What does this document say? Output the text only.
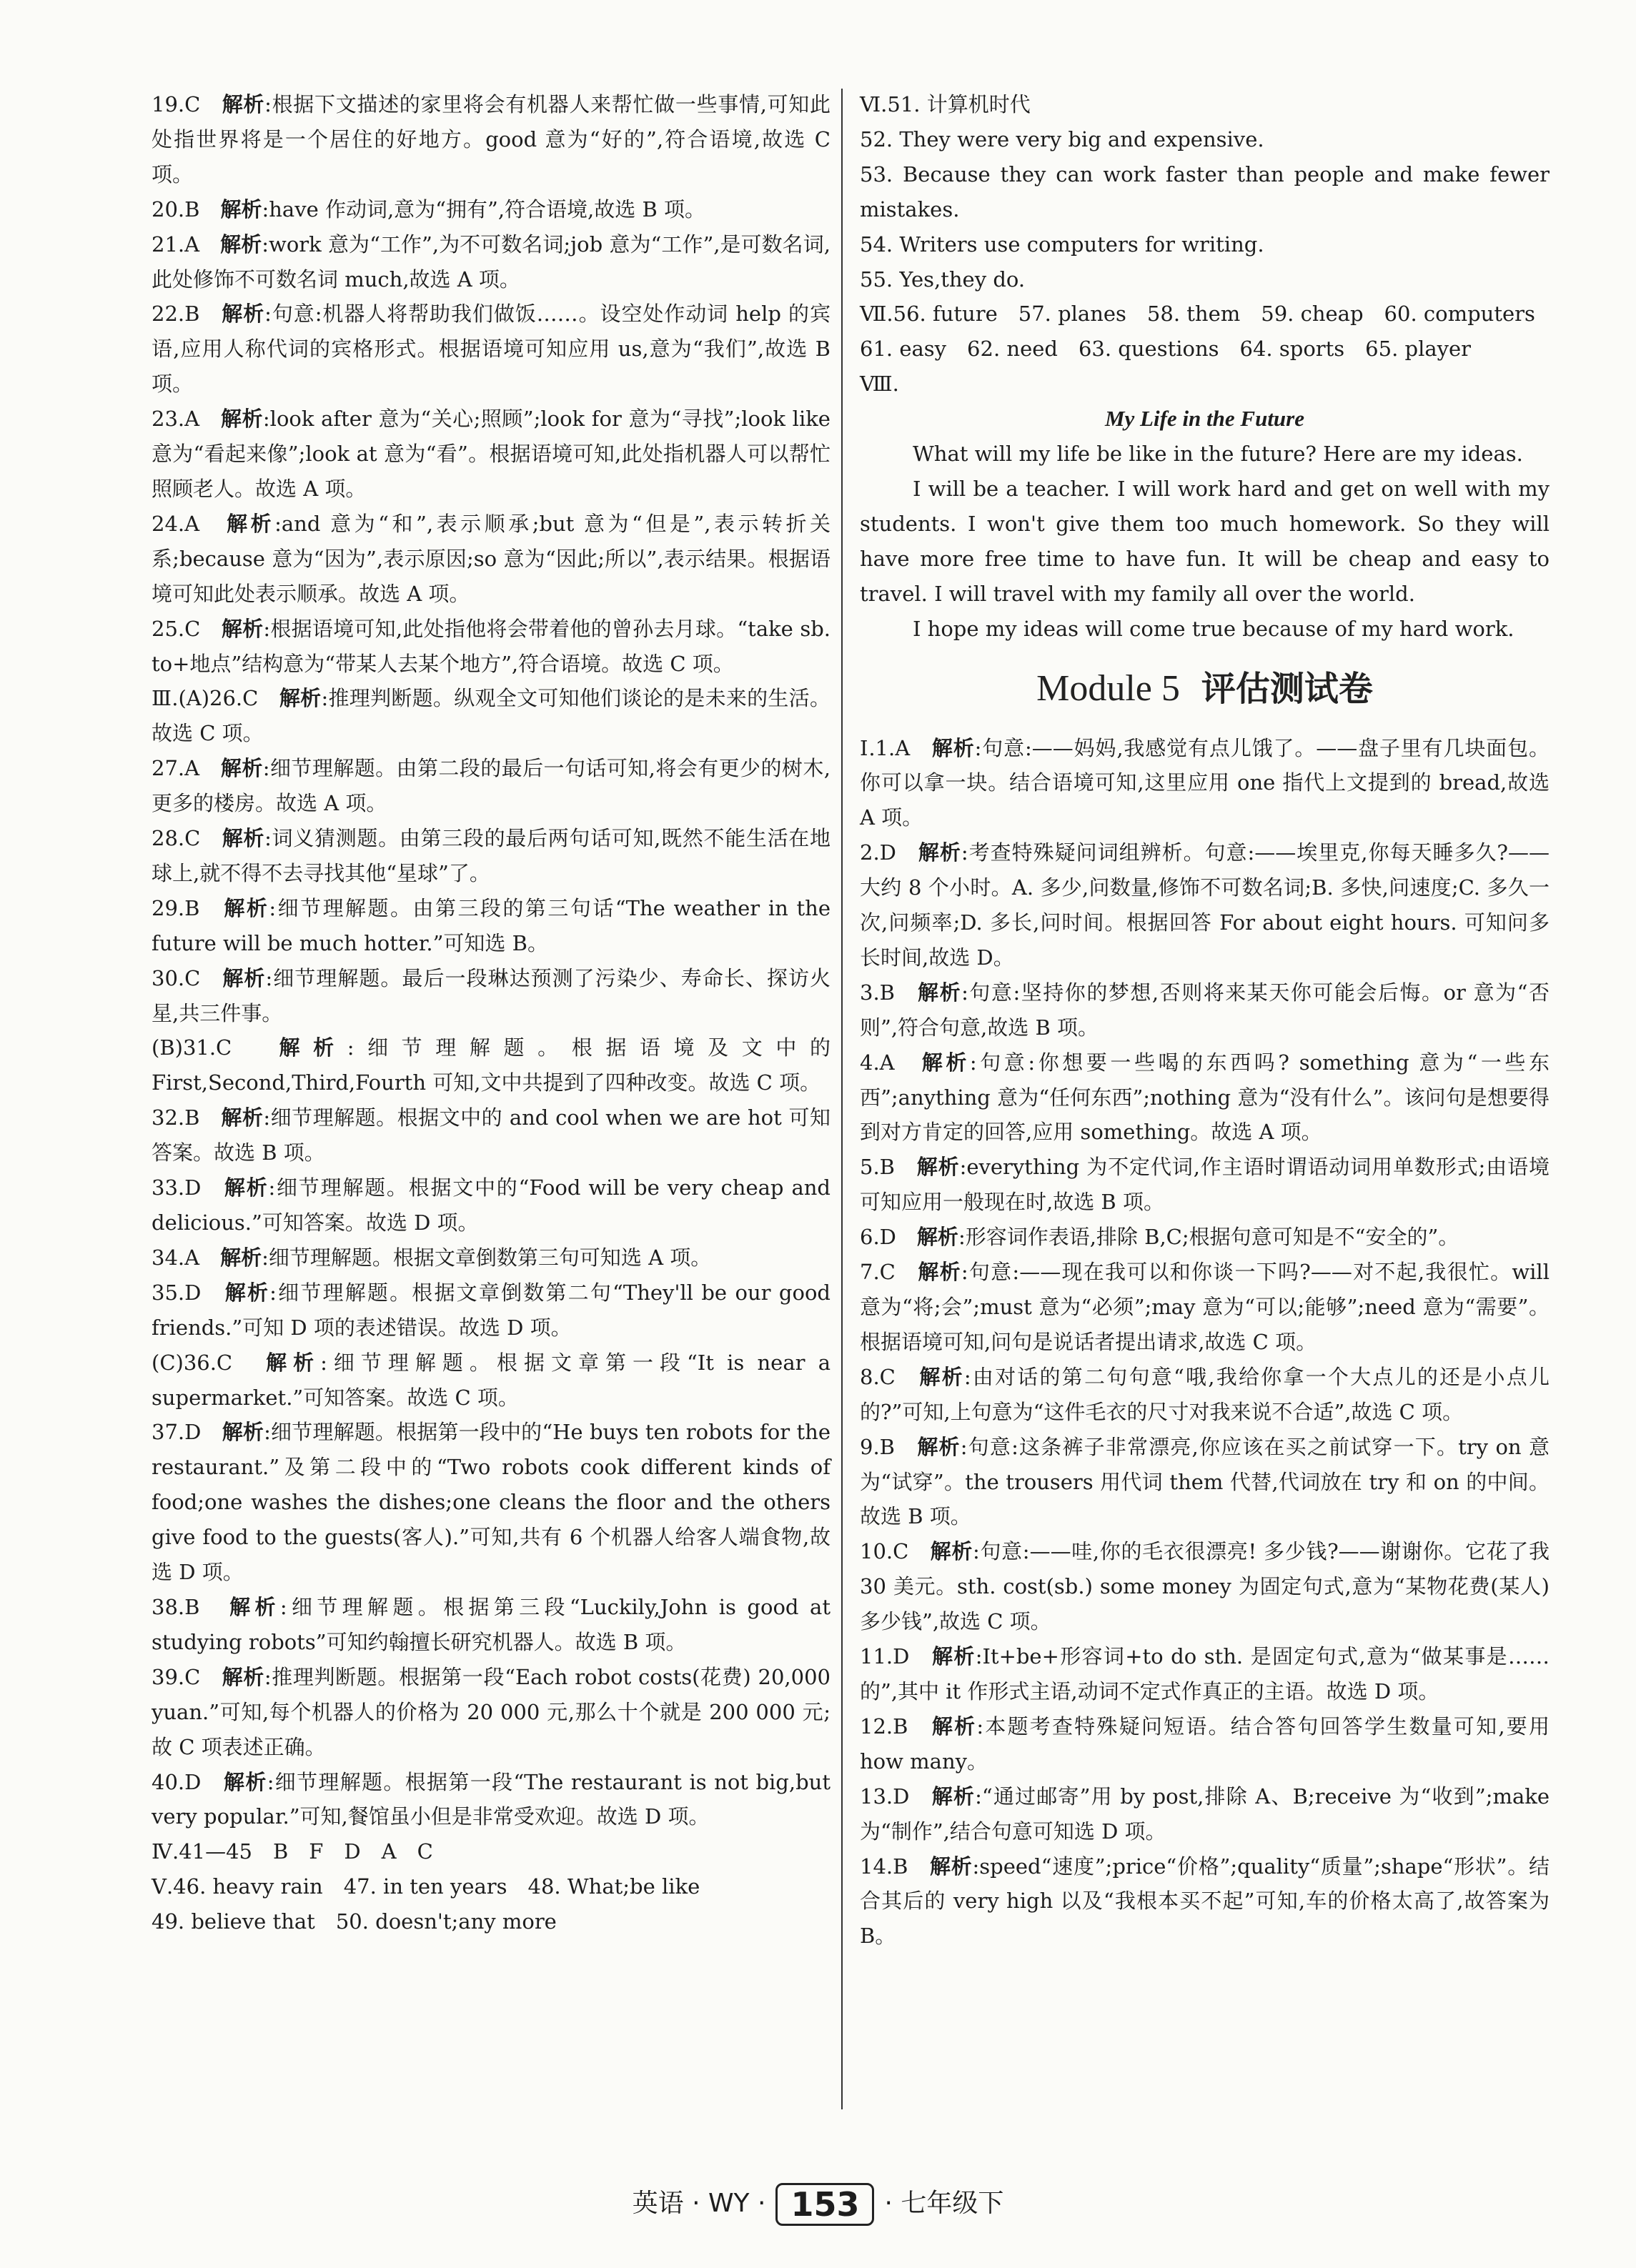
19.C　解析:根据下文描述的家里将会有机器人来帮忙做一些事情,可知此处指世界将是一个居住的好地方。good 意为“好的”,符合语境,故选 C 项。

20.B　解析:have 作动词,意为“拥有”,符合语境,故选 B 项。

21.A　解析:work 意为“工作”,为不可数名词;job 意为“工作”,是可数名词,此处修饰不可数名词 much,故选 A 项。

22.B　解析:句意:机器人将帮助我们做饭……。设空处作动词 help 的宾语,应用人称代词的宾格形式。根据语境可知应用 us,意为“我们”,故选 B 项。

23.A　解析:look after 意为“关心;照顾”;look for 意为“寻找”;look like 意为“看起来像”;look at 意为“看”。根据语境可知,此处指机器人可以帮忙照顾老人。故选 A 项。

24.A　解析:and 意为“和”,表示顺承;but 意为“但是”,表示转折关系;because 意为“因为”,表示原因;so 意为“因此;所以”,表示结果。根据语境可知此处表示顺承。故选 A 项。

25.C　解析:根据语境可知,此处指他将会带着他的曾孙去月球。“take sb. to+地点”结构意为“带某人去某个地方”,符合语境。故选 C 项。

Ⅲ.(A)26.C　解析:推理判断题。纵观全文可知他们谈论的是未来的生活。故选 C 项。

27.A　解析:细节理解题。由第二段的最后一句话可知,将会有更少的树木,更多的楼房。故选 A 项。

28.C　解析:词义猜测题。由第三段的最后两句话可知,既然不能生活在地球上,就不得不去寻找其他“星球”了。

29.B　解析:细节理解题。由第三段的第三句话“The weather in the future will be much hotter.”可知选 B。

30.C　解析:细节理解题。最后一段琳达预测了污染少、寿命长、探访火星,共三件事。

(B)31.C　解析:细节理解题。根据语境及文中的 First,Second,Third,Fourth 可知,文中共提到了四种改变。故选 C 项。

32.B　解析:细节理解题。根据文中的 and cool when we are hot 可知答案。故选 B 项。

33.D　解析:细节理解题。根据文中的“Food will be very cheap and delicious.”可知答案。故选 D 项。

34.A　解析:细节理解题。根据文章倒数第三句可知选 A 项。

35.D　解析:细节理解题。根据文章倒数第二句“They'll be our good friends.”可知 D 项的表述错误。故选 D 项。

(C)36.C　解析:细节理解题。根据文章第一段“It is near a supermarket.”可知答案。故选 C 项。

37.D　解析:细节理解题。根据第一段中的“He buys ten robots for the restaurant.”及第二段中的“Two robots cook different kinds of food;one washes the dishes;one cleans the floor and the others give food to the guests(客人).”可知,共有 6 个机器人给客人端食物,故选 D 项。

38.B　解析:细节理解题。根据第三段“Luckily,John is good at studying robots”可知约翰擅长研究机器人。故选 B 项。

39.C　解析:推理判断题。根据第一段“Each robot costs(花费) 20,000 yuan.”可知,每个机器人的价格为 20 000 元,那么十个就是 200 000 元;故 C 项表述正确。

40.D　解析:细节理解题。根据第一段“The restaurant is not big,but very popular.”可知,餐馆虽小但是非常受欢迎。故选 D 项。

Ⅳ.41—45　B　F　D　A　C

Ⅴ.46. heavy rain　47. in ten years　48. What;be like

49. believe that　50. doesn't;any more

Ⅵ.51. 计算机时代

52. They were very big and expensive.

53. Because they can work faster than people and make fewer mistakes.

54. Writers use computers for writing.

55. Yes,they do.

Ⅶ.56. future　57. planes　58. them　59. cheap　60. computers

61. easy　62. need　63. questions　64. sports　65. player

Ⅷ.

My Life in the Future

What will my life be like in the future? Here are my ideas.

I will be a teacher. I will work hard and get on well with my students. I won't give them too much homework. So they will have more free time to have fun. It will be cheap and easy to travel. I will travel with my family all over the world.

I hope my ideas will come true because of my hard work.

Module 5 评估测试卷

Ⅰ.1.A　解析:句意:——妈妈,我感觉有点儿饿了。——盘子里有几块面包。你可以拿一块。结合语境可知,这里应用 one 指代上文提到的 bread,故选 A 项。

2.D　解析:考查特殊疑问词组辨析。句意:——埃里克,你每天睡多久?——大约 8 个小时。A. 多少,问数量,修饰不可数名词;B. 多快,问速度;C. 多久一次,问频率;D. 多长,问时间。根据回答 For about eight hours. 可知问多长时间,故选 D。

3.B　解析:句意:坚持你的梦想,否则将来某天你可能会后悔。or 意为“否则”,符合句意,故选 B 项。

4.A　解析:句意:你想要一些喝的东西吗? something 意为“一些东西”;anything 意为“任何东西”;nothing 意为“没有什么”。该问句是想要得到对方肯定的回答,应用 something。故选 A 项。

5.B　解析:everything 为不定代词,作主语时谓语动词用单数形式;由语境可知应用一般现在时,故选 B 项。

6.D　解析:形容词作表语,排除 B,C;根据句意可知是不“安全的”。

7.C　解析:句意:——现在我可以和你谈一下吗?——对不起,我很忙。will 意为“将;会”;must 意为“必须”;may 意为“可以;能够”;need 意为“需要”。根据语境可知,问句是说话者提出请求,故选 C 项。

8.C　解析:由对话的第二句句意“哦,我给你拿一个大点儿的还是小点儿的?”可知,上句意为“这件毛衣的尺寸对我来说不合适”,故选 C 项。

9.B　解析:句意:这条裤子非常漂亮,你应该在买之前试穿一下。try on 意为“试穿”。the trousers 用代词 them 代替,代词放在 try 和 on 的中间。故选 B 项。

10.C　解析:句意:——哇,你的毛衣很漂亮! 多少钱?——谢谢你。它花了我 30 美元。sth. cost(sb.) some money 为固定句式,意为“某物花费(某人)多少钱”,故选 C 项。

11.D　解析:It+be+形容词+to do sth. 是固定句式,意为“做某事是……的”,其中 it 作形式主语,动词不定式作真正的主语。故选 D 项。

12.B　解析:本题考查特殊疑问短语。结合答句回答学生数量可知,要用 how many。

13.D　解析:“通过邮寄”用 by post,排除 A、B;receive 为“收到”;make 为“制作”,结合句意可知选 D 项。

14.B　解析:speed“速度”;price“价格”;quality“质量”;shape“形状”。结合其后的 very high 以及“我根本买不起”可知,车的价格太高了,故答案为 B。

英语 · WY · 153 · 七年级下
